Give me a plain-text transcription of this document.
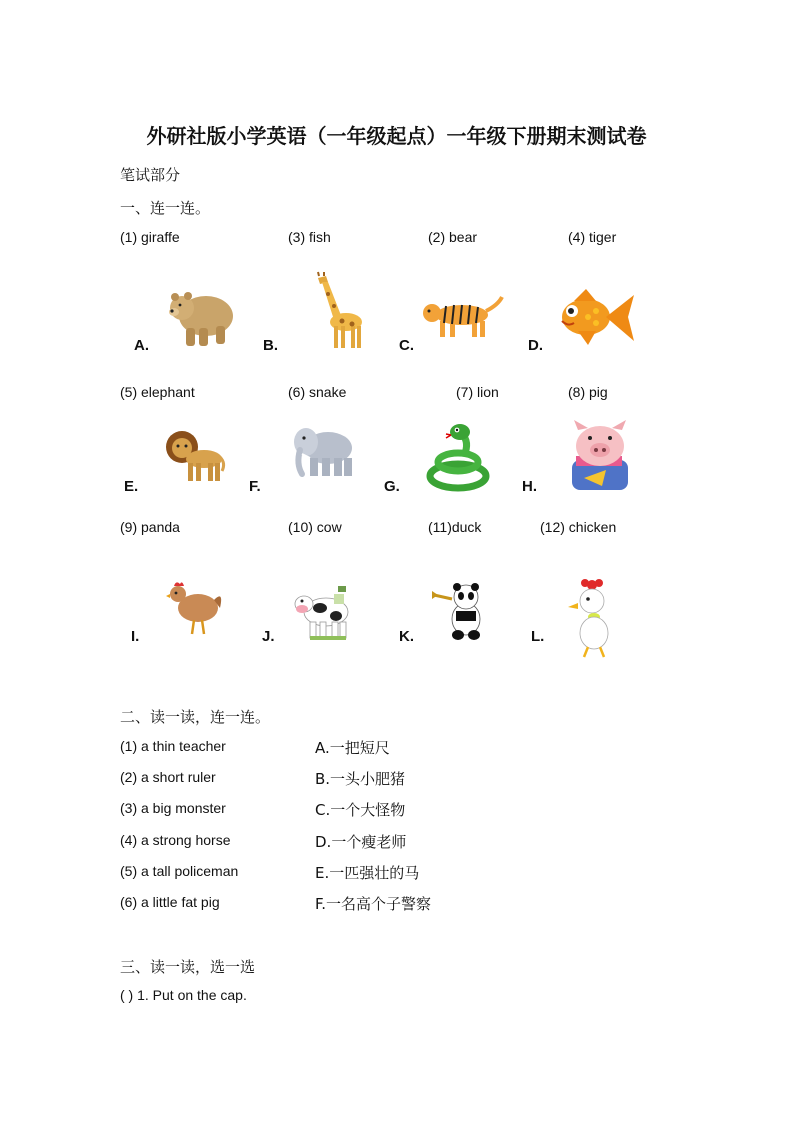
外研社版小学英语（一年级起点）一年级下册期末测试卷
笔试部分
一、连一连。
(1) giraffe	(3) fish	(2) bear	(4) tiger
A.	B.	C.	D.
(5) elephant	(6) snake	(7) lion	(8) pig
E.	F.	G.	H.
(9) panda	(10) cow	(11)duck	(12) chicken
I.	J.	K.	L.
二、读一读，连一连。
(1) a thin teacher
(2) a short ruler
(3) a big monster
(4) a strong horse
(5) a tall policeman
(6) a little fat pig
A.一把短尺
B.一头小肥猪
C.一个大怪物
D.一个瘦老师
E.一匹强壮的马
F.一名高个子警察
三、读一读，选一选
( ) 1. Put on the cap.
